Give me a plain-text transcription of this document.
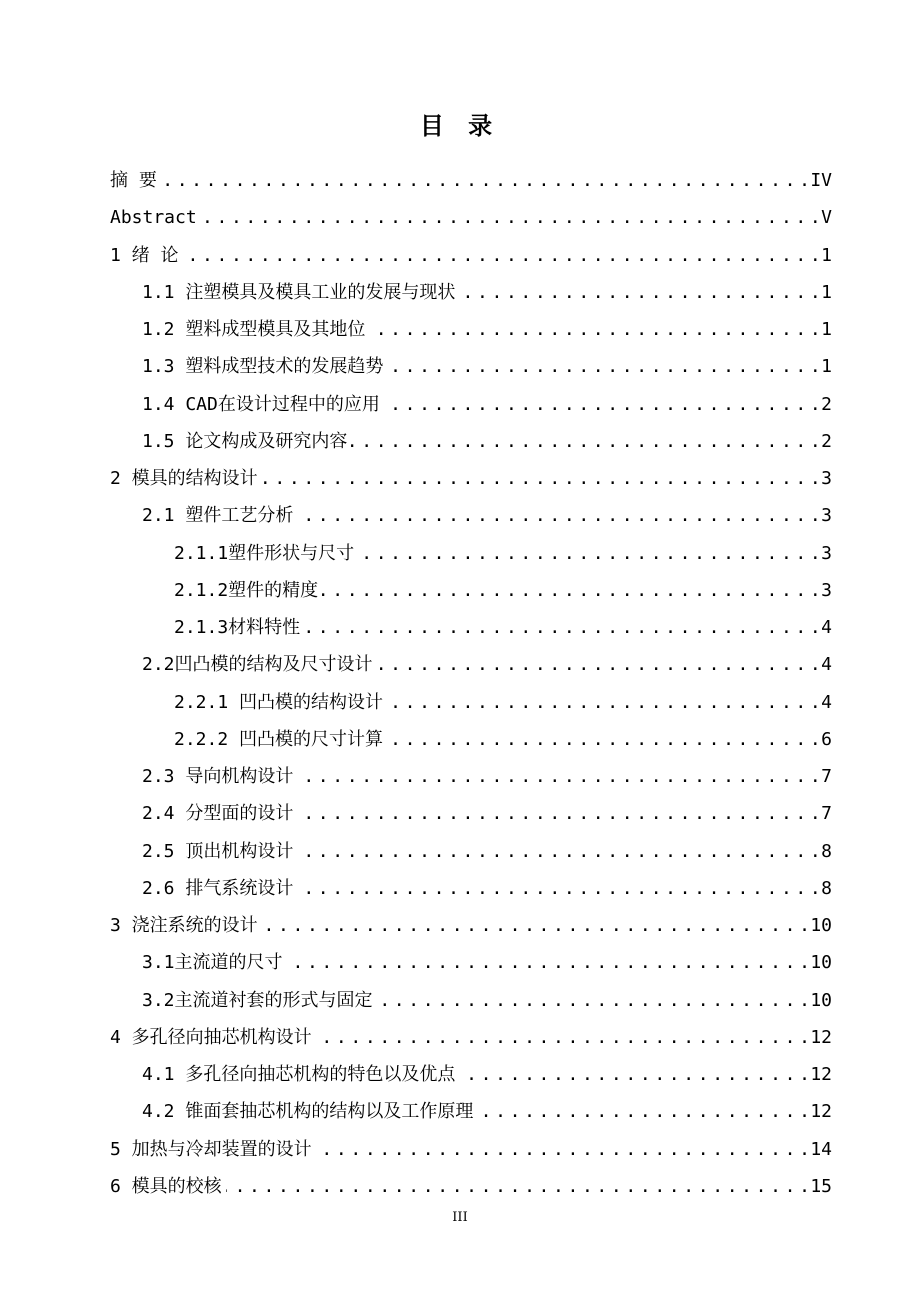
目 录
摘 要 . . .	IV
Abstract . . .	V
1 绪 论 . . .	1
1.1 注塑模具及模具工业的发展与现状 . . .	1
1.2 塑料成型模具及其地位 . . .	1
1.3 塑料成型技术的发展趋势 . . .	1
1.4 CAD在设计过程中的应用 . . .	2
1.5 论文构成及研究内容 . . .	2
2 模具的结构设计 . . .	3
2.1 塑件工艺分析 . . .	3
2.1.1塑件形状与尺寸 . . .	3
2.1.2塑件的精度 . . .	3
2.1.3材料特性 . . .	4
2.2凹凸模的结构及尺寸设计 . . .	4
2.2.1 凹凸模的结构设计 . . .	4
2.2.2 凹凸模的尺寸计算 . . .	6
2.3 导向机构设计 . . .	7
2.4 分型面的设计 . . .	7
2.5 顶出机构设计 . . .	8
2.6 排气系统设计 . . .	8
3 浇注系统的设计 . . .	10
3.1主流道的尺寸 . . .	10
3.2主流道衬套的形式与固定 . . .	10
4 多孔径向抽芯机构设计 . . .	12
4.1 多孔径向抽芯机构的特色以及优点 . . .	12
4.2 锥面套抽芯机构的结构以及工作原理 . . .	12
5 加热与冷却装置的设计 . . .	14
6 模具的校核 . . .	15
III
